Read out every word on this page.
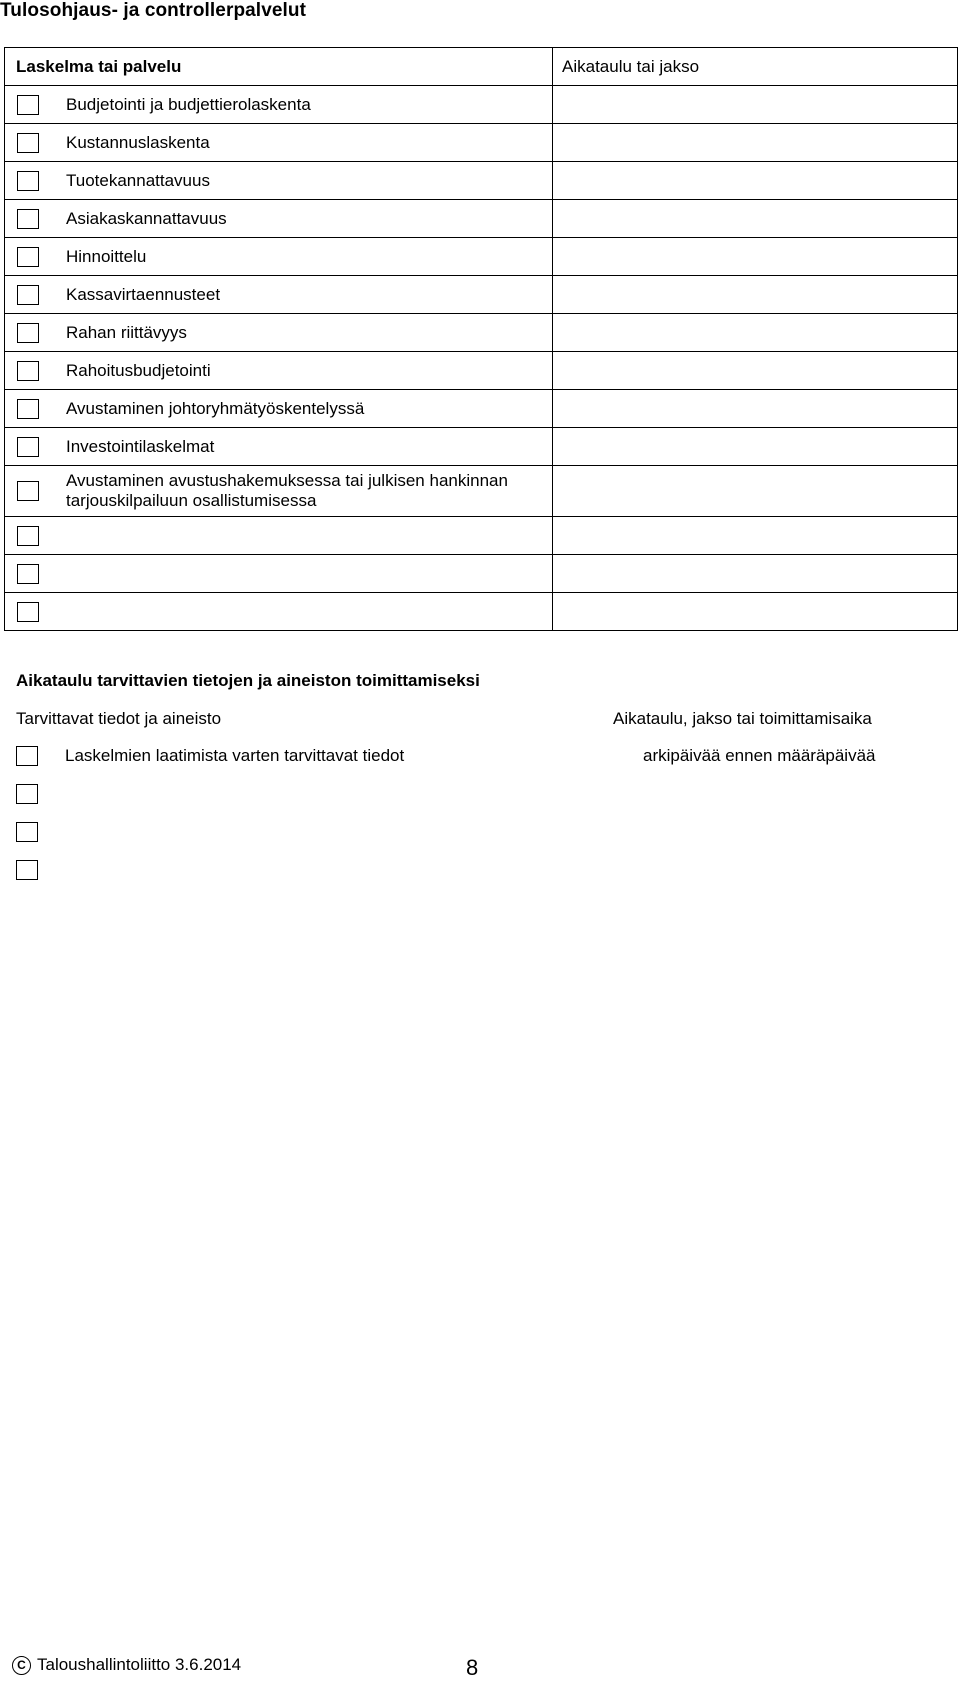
Tulosohjaus- ja controllerpalvelut
Laskelma tai palvelu	Aikataulu tai jakso

Budjetointi ja budjettierolaskenta	

Kustannuslaskenta	

Tuotekannattavuus	

Asiakaskannattavuus	

Hinnoittelu	

Kassavirtaennusteet	

Rahan riittävyys	

Rahoitusbudjetointi	

Avustaminen johtoryhmätyöskentelyssä	

Investointilaskelmat	

Avustaminen avustushakemuksessa tai julkisen hankinnan tarjouskilpailuun osallistumisessa	

Aikataulu tarvittavien tietojen ja aineiston toimittamiseksi
Tarvittavat tiedot ja aineisto	Aikataulu, jakso tai toimittamisaika
Laskelmien laatimista varten tarvittavat tiedot	arkipäivää ennen määräpäivää
C Taloushallintoliitto 3.6.2014	8
